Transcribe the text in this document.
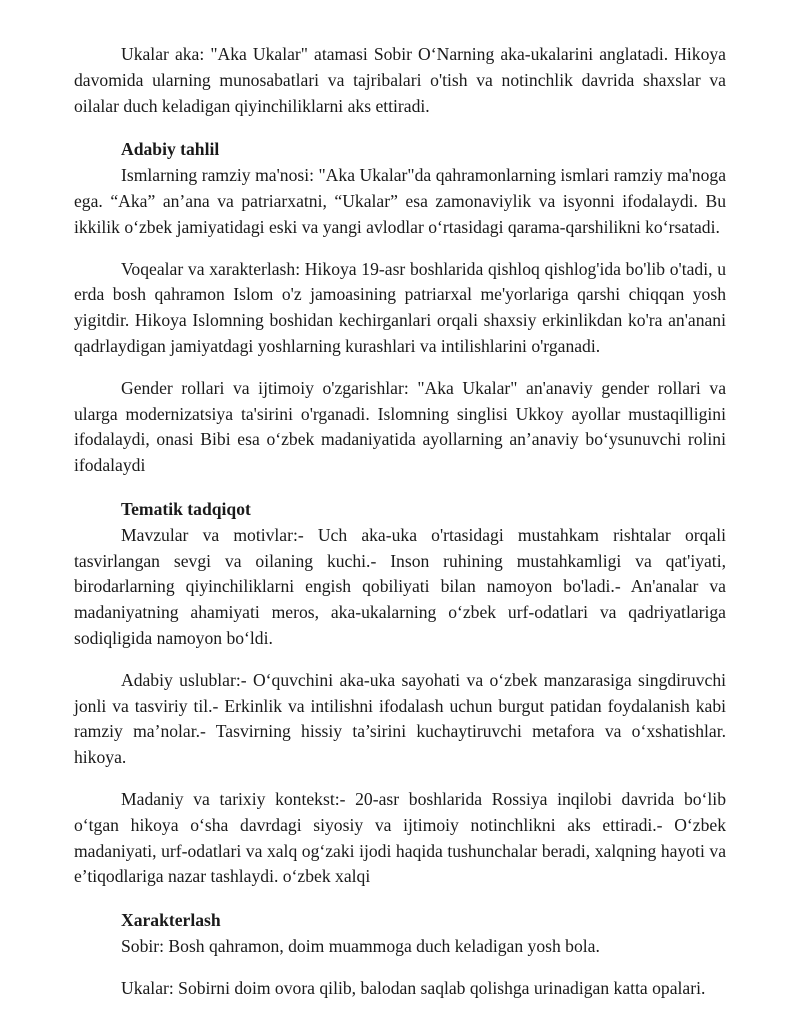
Ukalar aka: "Aka Ukalar" atamasi Sobir O‘Narning aka-ukalarini anglatadi. Hikoya davomida ularning munosabatlari va tajribalari o'tish va notinchlik davrida shaxslar va oilalar duch keladigan qiyinchiliklarni aks ettiradi.

Adabiy tahlil

Ismlarning ramziy ma'nosi: "Aka Ukalar"da qahramonlarning ismlari ramziy ma'noga ega. “Aka” an’ana va patriarxatni, “Ukalar” esa zamonaviylik va isyonni ifodalaydi. Bu ikkilik o‘zbek jamiyatidagi eski va yangi avlodlar o‘rtasidagi qarama-qarshilikni ko‘rsatadi.

Voqealar va xarakterlash: Hikoya 19-asr boshlarida qishloq qishlog'ida bo'lib o'tadi, u erda bosh qahramon Islom o'z jamoasining patriarxal me'yorlariga qarshi chiqqan yosh yigitdir. Hikoya Islomning boshidan kechirganlari orqali shaxsiy erkinlikdan ko'ra an'anani qadrlaydigan jamiyatdagi yoshlarning kurashlari va intilishlarini o'rganadi.

Gender rollari va ijtimoiy o'zgarishlar: "Aka Ukalar" an'anaviy gender rollari va ularga modernizatsiya ta'sirini o'rganadi. Islomning singlisi Ukkoy ayollar mustaqilligini ifodalaydi, onasi Bibi esa o‘zbek madaniyatida ayollarning an’anaviy bo‘ysunuvchi rolini ifodalaydi

Tematik tadqiqot

Mavzular va motivlar:- Uch aka-uka o'rtasidagi mustahkam rishtalar orqali tasvirlangan sevgi va oilaning kuchi.- Inson ruhining mustahkamligi va qat'iyati, birodarlarning qiyinchiliklarni engish qobiliyati bilan namoyon bo'ladi.- An'analar va madaniyatning ahamiyati meros, aka-ukalarning o‘zbek urf-odatlari va qadriyatlariga sodiqligida namoyon bo‘ldi.

Adabiy uslublar:- O‘quvchini aka-uka sayohati va o‘zbek manzarasiga singdiruvchi jonli va tasviriy til.- Erkinlik va intilishni ifodalash uchun burgut patidan foydalanish kabi ramziy ma’nolar.- Tasvirning hissiy ta’sirini kuchaytiruvchi metafora va o‘xshatishlar. hikoya.

Madaniy va tarixiy kontekst:- 20-asr boshlarida Rossiya inqilobi davrida bo‘lib o‘tgan hikoya o‘sha davrdagi siyosiy va ijtimoiy notinchlikni aks ettiradi.- O‘zbek madaniyati, urf-odatlari va xalq og‘zaki ijodi haqida tushunchalar beradi, xalqning hayoti va e’tiqodlariga nazar tashlaydi. o‘zbek xalqi

Xarakterlash

Sobir: Bosh qahramon, doim muammoga duch keladigan yosh bola.

Ukalar: Sobirni doim ovora qilib, balodan saqlab qolishga urinadigan katta opalari.
